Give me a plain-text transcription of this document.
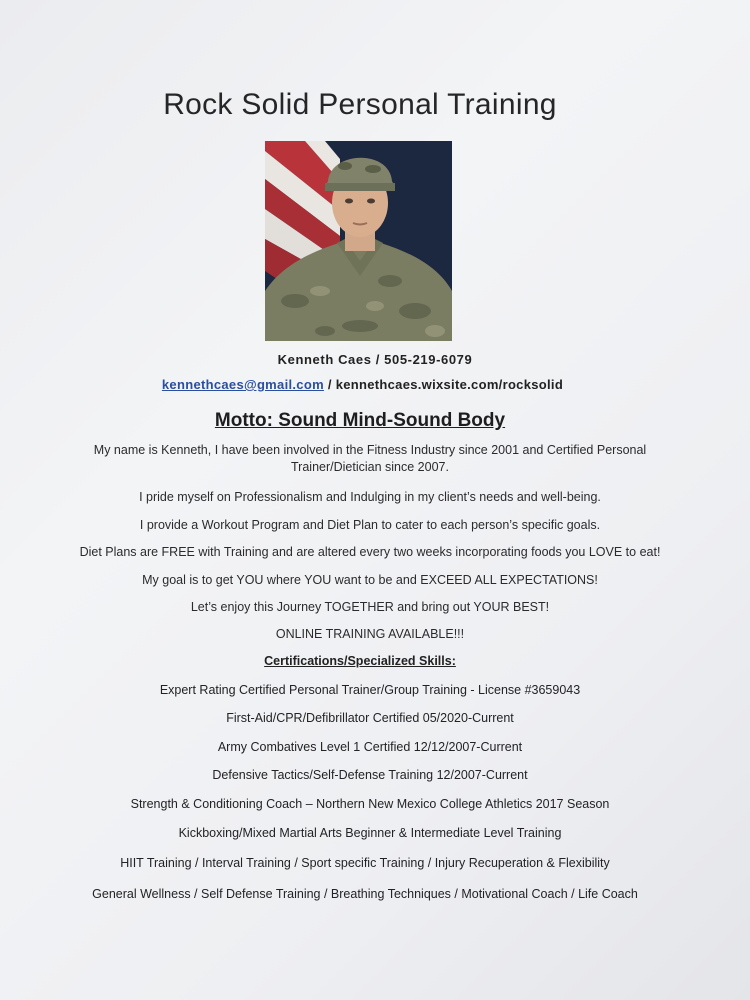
Rock Solid Personal Training
Kenneth Caes / 505-219-6079
kennethcaes@gmail.com / kennethcaes.wixsite.com/rocksolid
Motto: Sound Mind-Sound Body
My name is Kenneth, I have been involved in the Fitness Industry since 2001 and Certified Personal Trainer/Dietician since 2007.
I pride myself on Professionalism and Indulging in my client’s needs and well-being.
I provide a Workout Program and Diet Plan to cater to each person’s specific goals.
Diet Plans are FREE with Training and are altered every two weeks incorporating foods you LOVE to eat!
My goal is to get YOU where YOU want to be and EXCEED ALL EXPECTATIONS!
Let’s enjoy this Journey TOGETHER and bring out YOUR BEST!
ONLINE TRAINING AVAILABLE!!!
Certifications/Specialized Skills:
Expert Rating Certified Personal Trainer/Group Training - License #3659043
First-Aid/CPR/Defibrillator Certified 05/2020-Current
Army Combatives Level 1 Certified 12/12/2007-Current
Defensive Tactics/Self-Defense Training 12/2007-Current
Strength & Conditioning Coach – Northern New Mexico College Athletics 2017 Season
Kickboxing/Mixed Martial Arts Beginner & Intermediate Level Training
HIIT Training / Interval Training / Sport specific Training / Injury Recuperation & Flexibility
General Wellness / Self Defense Training / Breathing Techniques / Motivational Coach / Life Coach
